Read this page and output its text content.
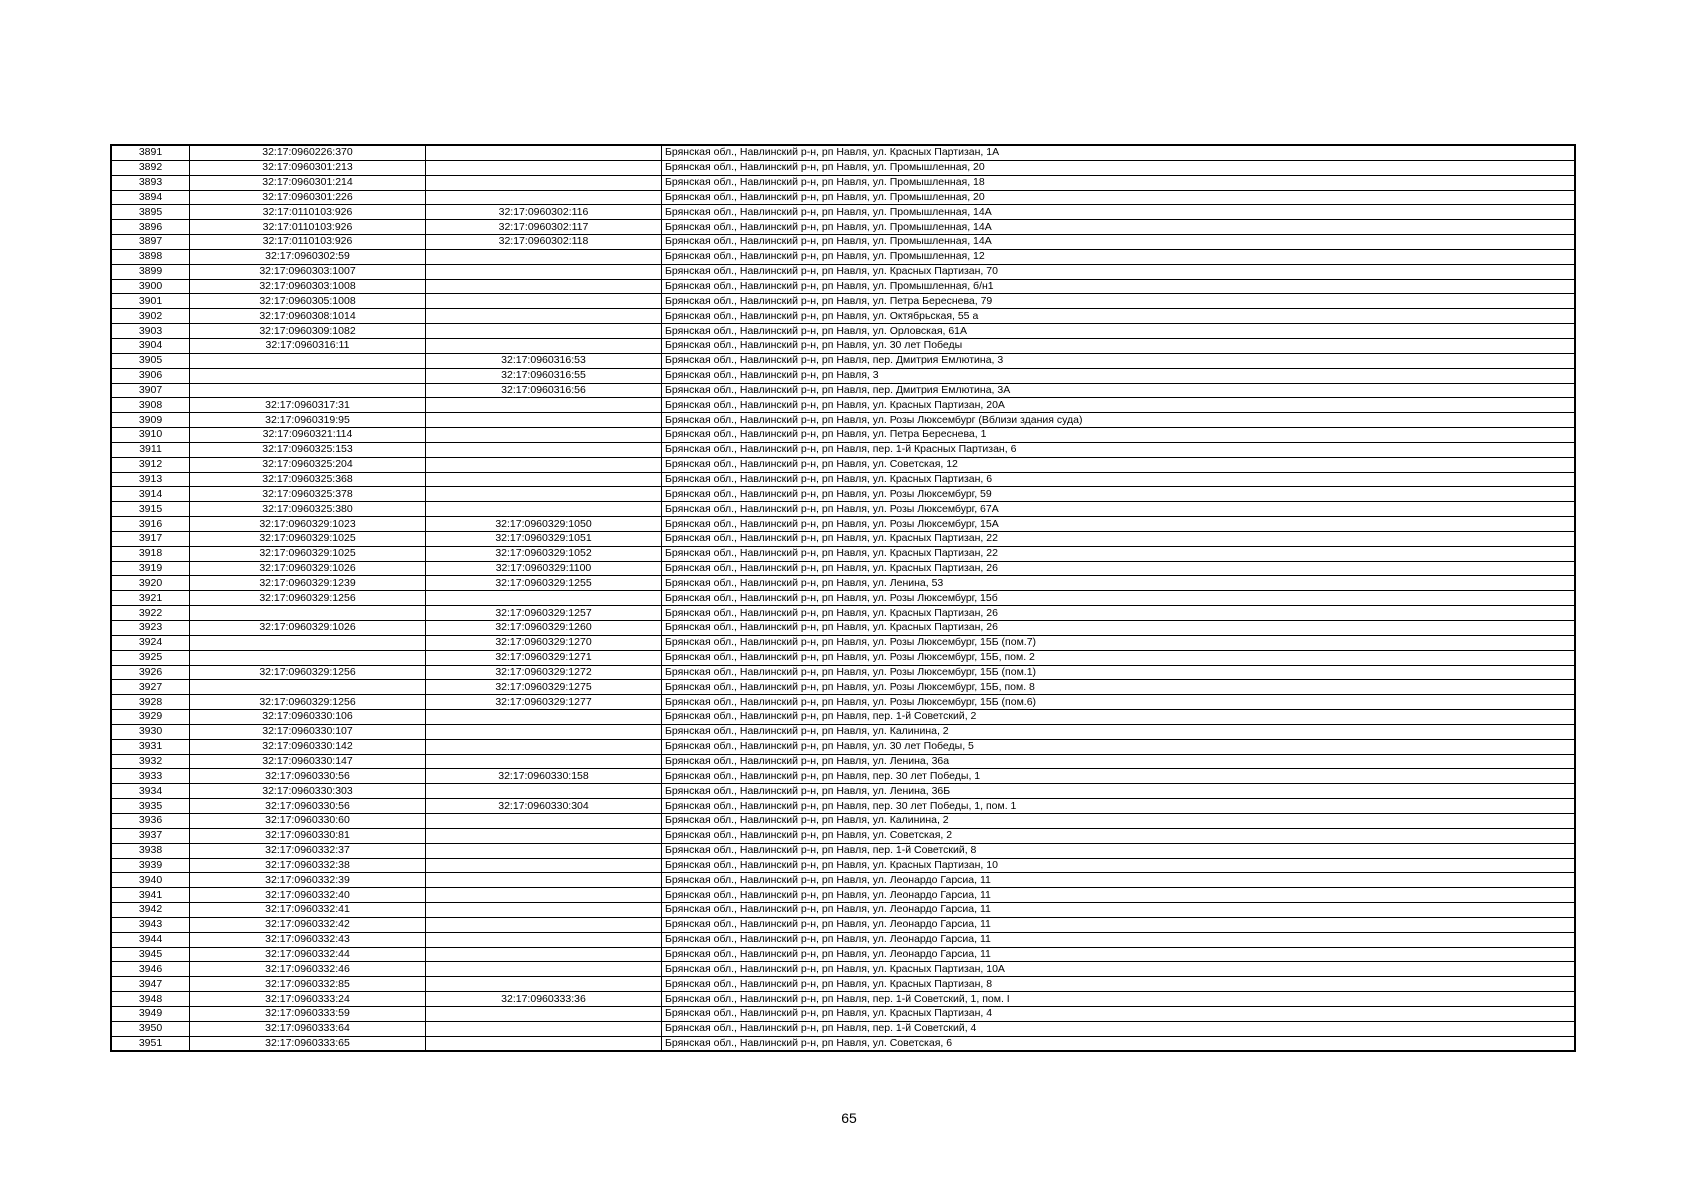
3891	32:17:0960226:370		Брянская обл., Навлинский р-н, рп Навля, ул. Красных Партизан, 1А
3892	32:17:0960301:213		Брянская обл., Навлинский р-н, рп Навля, ул. Промышленная, 20
3893	32:17:0960301:214		Брянская обл., Навлинский р-н, рп Навля, ул. Промышленная, 18
3894	32:17:0960301:226		Брянская обл., Навлинский р-н, рп Навля, ул. Промышленная, 20
3895	32:17:0110103:926	32:17:0960302:116	Брянская обл., Навлинский р-н, рп Навля, ул. Промышленная, 14А
3896	32:17:0110103:926	32:17:0960302:117	Брянская обл., Навлинский р-н, рп Навля, ул. Промышленная, 14А
3897	32:17:0110103:926	32:17:0960302:118	Брянская обл., Навлинский р-н, рп Навля, ул. Промышленная, 14А
3898	32:17:0960302:59		Брянская обл., Навлинский р-н, рп Навля, ул. Промышленная, 12
3899	32:17:0960303:1007		Брянская обл., Навлинский р-н, рп Навля, ул. Красных Партизан, 70
3900	32:17:0960303:1008		Брянская обл., Навлинский р-н, рп Навля, ул. Промышленная, б/н1
3901	32:17:0960305:1008		Брянская обл., Навлинский р-н, рп Навля, ул. Петра Береснева, 79
3902	32:17:0960308:1014		Брянская обл., Навлинский р-н, рп Навля, ул. Октябрьская, 55 а
3903	32:17:0960309:1082		Брянская обл., Навлинский р-н, рп Навля, ул. Орловская, 61А
3904	32:17:0960316:11		Брянская обл., Навлинский р-н, рп Навля, ул. 30 лет Победы
3905		32:17:0960316:53	Брянская обл., Навлинский р-н, рп Навля, пер. Дмитрия Емлютина, 3
3906		32:17:0960316:55	Брянская обл., Навлинский р-н, рп Навля, 3
3907		32:17:0960316:56	Брянская обл., Навлинский р-н, рп Навля, пер. Дмитрия Емлютина, 3А
3908	32:17:0960317:31		Брянская обл., Навлинский р-н, рп Навля, ул. Красных Партизан, 20А
3909	32:17:0960319:95		Брянская обл., Навлинский р-н, рп Навля, ул. Розы Люксембург (Вблизи здания суда)
3910	32:17:0960321:114		Брянская обл., Навлинский р-н, рп Навля, ул. Петра Береснева, 1
3911	32:17:0960325:153		Брянская обл., Навлинский р-н, рп Навля, пер. 1-й Красных Партизан, 6
3912	32:17:0960325:204		Брянская обл., Навлинский р-н, рп Навля, ул. Советская, 12
3913	32:17:0960325:368		Брянская обл., Навлинский р-н, рп Навля, ул. Красных Партизан, 6
3914	32:17:0960325:378		Брянская обл., Навлинский р-н, рп Навля, ул. Розы Люксембург, 59
3915	32:17:0960325:380		Брянская обл., Навлинский р-н, рп Навля, ул. Розы Люксембург, 67А
3916	32:17:0960329:1023	32:17:0960329:1050	Брянская обл., Навлинский р-н, рп Навля, ул. Розы Люксембург, 15А
3917	32:17:0960329:1025	32:17:0960329:1051	Брянская обл., Навлинский р-н, рп Навля, ул. Красных Партизан, 22
3918	32:17:0960329:1025	32:17:0960329:1052	Брянская обл., Навлинский р-н, рп Навля, ул. Красных Партизан, 22
3919	32:17:0960329:1026	32:17:0960329:1100	Брянская обл., Навлинский р-н, рп Навля, ул. Красных Партизан, 26
3920	32:17:0960329:1239	32:17:0960329:1255	Брянская обл., Навлинский р-н, рп Навля, ул. Ленина, 53
3921	32:17:0960329:1256		Брянская обл., Навлинский р-н, рп Навля, ул. Розы Люксембург, 15б
3922		32:17:0960329:1257	Брянская обл., Навлинский р-н, рп Навля, ул. Красных Партизан, 26
3923	32:17:0960329:1026	32:17:0960329:1260	Брянская обл., Навлинский р-н, рп Навля, ул. Красных Партизан, 26
3924		32:17:0960329:1270	Брянская обл., Навлинский р-н, рп Навля, ул. Розы Люксембург, 15Б (пом.7)
3925		32:17:0960329:1271	Брянская обл., Навлинский р-н, рп Навля, ул. Розы Люксембург, 15Б, пом. 2
3926	32:17:0960329:1256	32:17:0960329:1272	Брянская обл., Навлинский р-н, рп Навля, ул. Розы Люксембург, 15Б (пом.1)
3927		32:17:0960329:1275	Брянская обл., Навлинский р-н, рп Навля, ул. Розы Люксембург, 15Б, пом. 8
3928	32:17:0960329:1256	32:17:0960329:1277	Брянская обл., Навлинский р-н, рп Навля, ул. Розы Люксембург, 15Б (пом.6)
3929	32:17:0960330:106		Брянская обл., Навлинский р-н, рп Навля, пер. 1-й Советский, 2
3930	32:17:0960330:107		Брянская обл., Навлинский р-н, рп Навля, ул. Калинина, 2
3931	32:17:0960330:142		Брянская обл., Навлинский р-н, рп Навля, ул. 30 лет Победы, 5
3932	32:17:0960330:147		Брянская обл., Навлинский р-н, рп Навля, ул. Ленина, 36а
3933	32:17:0960330:56	32:17:0960330:158	Брянская обл., Навлинский р-н, рп Навля, пер. 30 лет Победы, 1
3934	32:17:0960330:303		Брянская обл., Навлинский р-н, рп Навля, ул. Ленина, 36Б
3935	32:17:0960330:56	32:17:0960330:304	Брянская обл., Навлинский р-н, рп Навля, пер. 30 лет Победы, 1, пом. 1
3936	32:17:0960330:60		Брянская обл., Навлинский р-н, рп Навля, ул. Калинина, 2
3937	32:17:0960330:81		Брянская обл., Навлинский р-н, рп Навля, ул. Советская, 2
3938	32:17:0960332:37		Брянская обл., Навлинский р-н, рп Навля, пер. 1-й Советский, 8
3939	32:17:0960332:38		Брянская обл., Навлинский р-н, рп Навля, ул. Красных Партизан, 10
3940	32:17:0960332:39		Брянская обл., Навлинский р-н, рп Навля, ул. Леонардо Гарсиа, 11
3941	32:17:0960332:40		Брянская обл., Навлинский р-н, рп Навля, ул. Леонардо Гарсиа, 11
3942	32:17:0960332:41		Брянская обл., Навлинский р-н, рп Навля, ул. Леонардо Гарсиа, 11
3943	32:17:0960332:42		Брянская обл., Навлинский р-н, рп Навля, ул. Леонардо Гарсиа, 11
3944	32:17:0960332:43		Брянская обл., Навлинский р-н, рп Навля, ул. Леонардо Гарсиа, 11
3945	32:17:0960332:44		Брянская обл., Навлинский р-н, рп Навля, ул. Леонардо Гарсиа, 11
3946	32:17:0960332:46		Брянская обл., Навлинский р-н, рп Навля, ул. Красных Партизан, 10А
3947	32:17:0960332:85		Брянская обл., Навлинский р-н, рп Навля, ул. Красных Партизан, 8
3948	32:17:0960333:24	32:17:0960333:36	Брянская обл., Навлинский р-н, рп Навля, пер. 1-й Советский, 1, пом. I
3949	32:17:0960333:59		Брянская обл., Навлинский р-н, рп Навля, ул. Красных Партизан, 4
3950	32:17:0960333:64		Брянская обл., Навлинский р-н, рп Навля, пер. 1-й Советский, 4
3951	32:17:0960333:65		Брянская обл., Навлинский р-н, рп Навля, ул. Советская, 6
65
